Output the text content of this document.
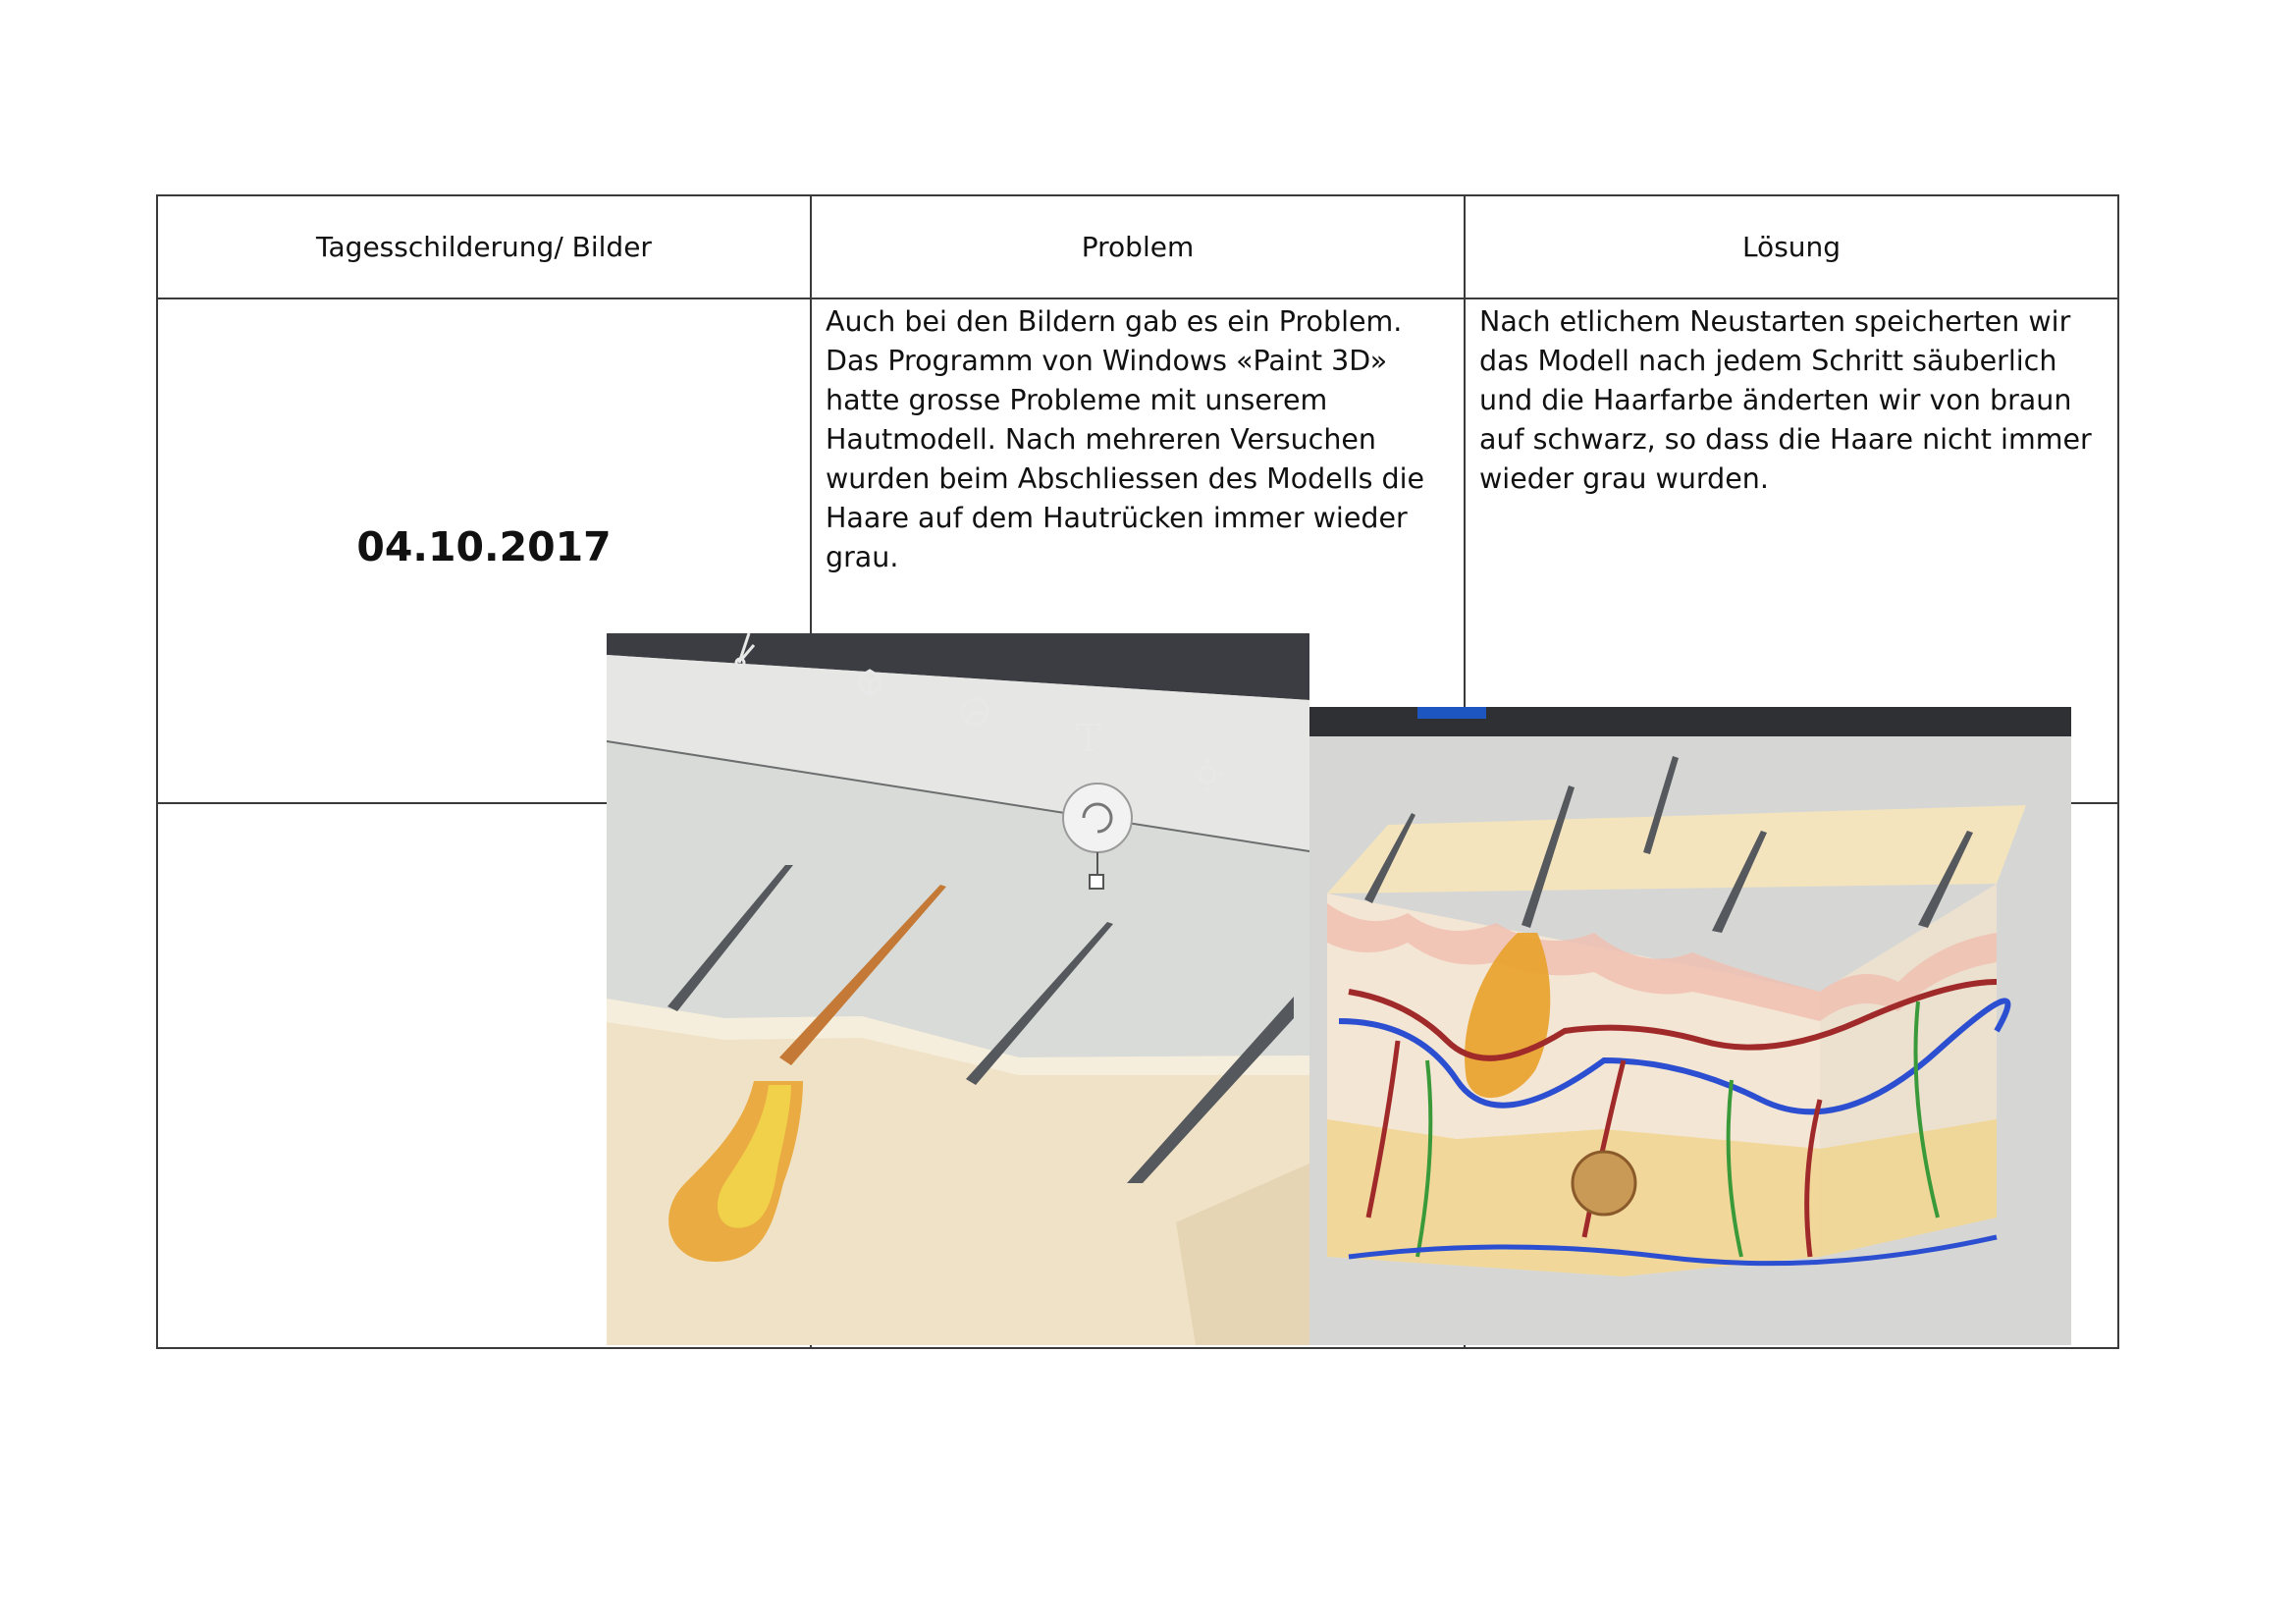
Tagesschilderung/ Bilder	Problem	Lösung
04.10.2017	Auch bei den Bildern gab es ein Problem. Das Programm von Windows «Paint 3D» hatte grosse Probleme mit unserem Hautmodell. Nach mehreren Versuchen wurden beim Abschliessen des Modells die Haare auf dem Hautrücken immer wieder grau.	Nach etlichem Neustarten speicherten wir das Modell nach jedem Schritt säuberlich und die Haarfarbe änderten wir von braun auf schwarz, so dass die Haare nicht immer wieder grau wurden.

T
